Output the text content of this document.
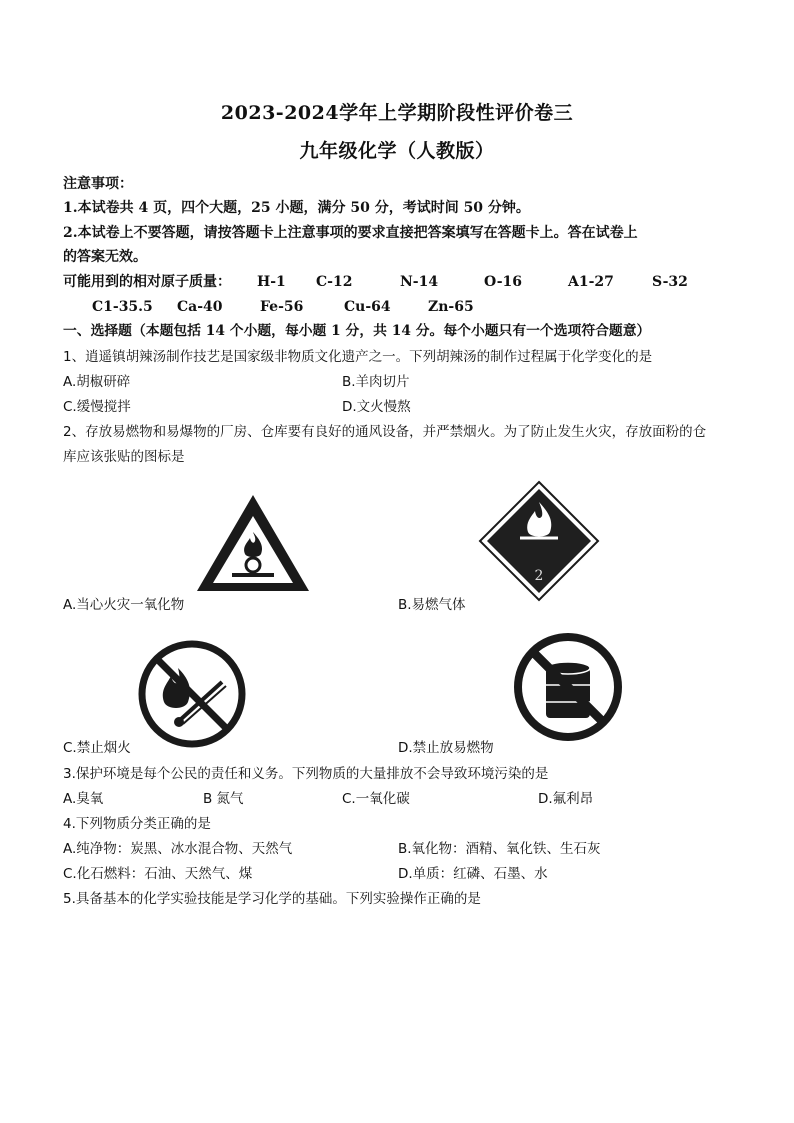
2023-2024学年上学期阶段性评价卷三
九年级化学（人教版）
注意事项：
1.本试卷共 4 页，四个大题，25 小题，满分 50 分，考试时间 50 分钟。
2.本试卷上不要答题，请按答题卡上注意事项的要求直接把答案填写在答题卡上。答在试卷上
的答案无效。
可能用到的相对原子质量： H-1 C-12	N-14	O-16	A1-27	S-32
C1-35.5 Ca-40	Fe-56	Cu-64	Zn-65
一、选择题（本题包括 14 个小题，每小题 1 分，共 14 分。每个小题只有一个选项符合题意）
1、逍遥镇胡辣汤制作技艺是国家级非物质文化遗产之一。下列胡辣汤的制作过程属于化学变化的是
A.胡椒研碎	B.羊肉切片
C.缓慢搅拌	D.文火慢熬
2、存放易燃物和易爆物的厂房、仓库要有良好的通风设备，并严禁烟火。为了防止发生火灾，存放面粉的仓
库应该张贴的图标是
A.当心火灾一氧化物
2
B.易燃气体
C.禁止烟火	D.禁止放易燃物
3.保护环境是每个公民的责任和义务。下列物质的大量排放不会导致环境污染的是
A.臭氧	B 氮气	C.一氧化碳	D.氟利昂
4.下列物质分类正确的是
A.纯净物：炭黑、冰水混合物、天然气	B.氧化物：酒精、氧化铁、生石灰
C.化石燃料：石油、天然气、煤	D.单质：红磷、石墨、水
5.具备基本的化学实验技能是学习化学的基础。下列实验操作正确的是
